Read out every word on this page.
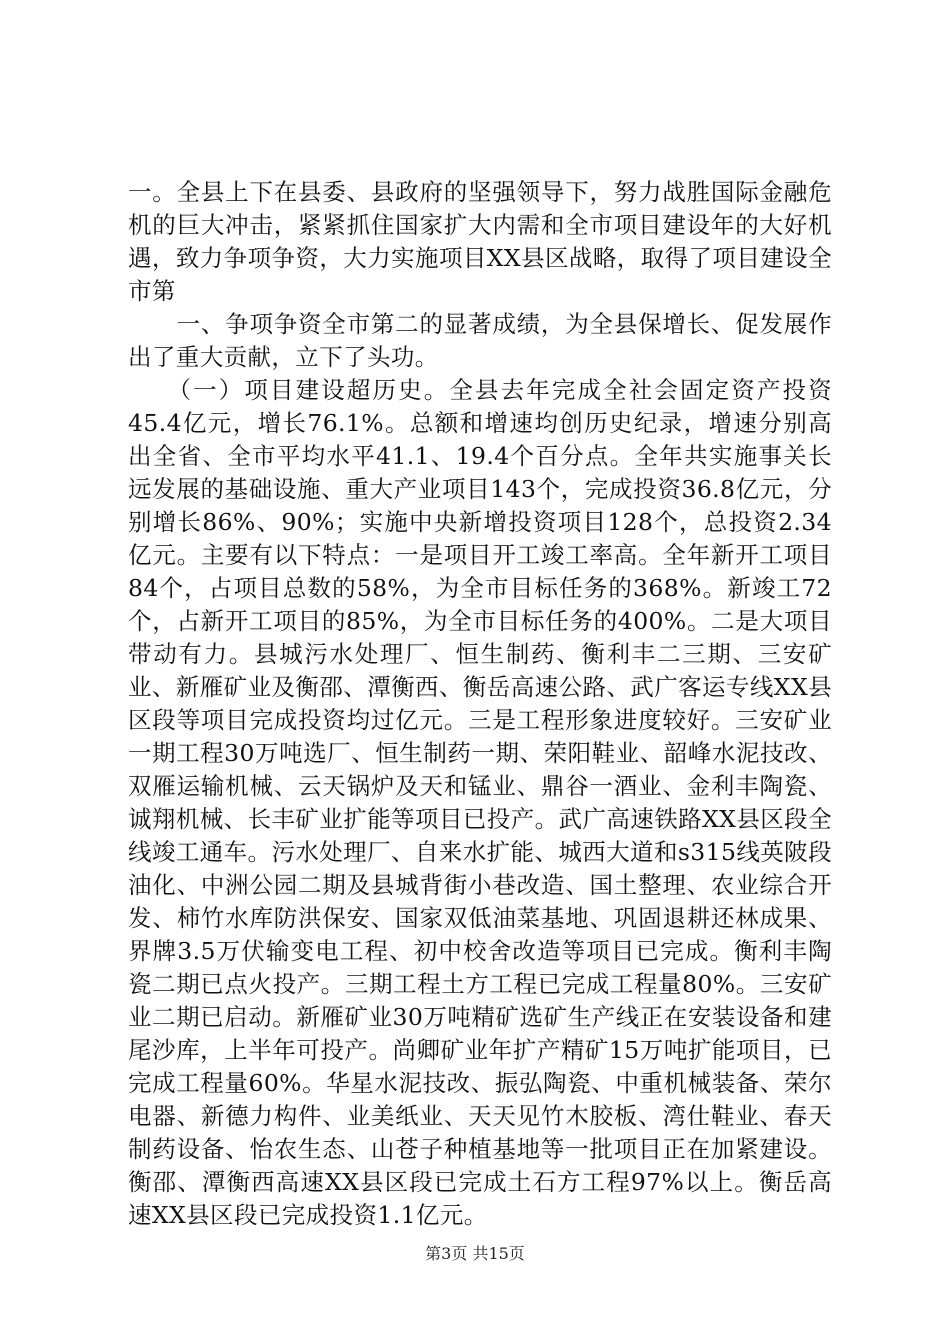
一。全县上下在县委、县政府的坚强领导下，努力战胜国际金融危机的巨大冲击，紧紧抓住国家扩大内需和全市项目建设年的大好机遇，致力争项争资，大力实施项目XX县区战略，取得了项目建设全市第

　　一、争项争资全市第二的显著成绩，为全县保增长、促发展作出了重大贡献，立下了头功。

　　（一）项目建设超历史。全县去年完成全社会固定资产投资45.4亿元，增长76.1%。总额和增速均创历史纪录，增速分别高出全省、全市平均水平41.1、19.4个百分点。全年共实施事关长远发展的基础设施、重大产业项目143个，完成投资36.8亿元，分别增长86%、90%；实施中央新增投资项目128个，总投资2.34亿元。主要有以下特点：一是项目开工竣工率高。全年新开工项目84个，占项目总数的58%，为全市目标任务的368%。新竣工72个，占新开工项目的85%，为全市目标任务的400%。二是大项目带动有力。县城污水处理厂、恒生制药、衡利丰二三期、三安矿业、新雁矿业及衡邵、潭衡西、衡岳高速公路、武广客运专线XX县区段等项目完成投资均过亿元。三是工程形象进度较好。三安矿业一期工程30万吨选厂、恒生制药一期、荣阳鞋业、韶峰水泥技改、双雁运输机械、云天锅炉及天和锰业、鼎谷一酒业、金利丰陶瓷、诚翔机械、长丰矿业扩能等项目已投产。武广高速铁路XX县区段全线竣工通车。污水处理厂、自来水扩能、城西大道和s315线英陂段油化、中洲公园二期及县城背街小巷改造、国土整理、农业综合开发、柿竹水库防洪保安、国家双低油菜基地、巩固退耕还林成果、界牌3.5万伏输变电工程、初中校舍改造等项目已完成。衡利丰陶瓷二期已点火投产。三期工程土方工程已完成工程量80%。三安矿业二期已启动。新雁矿业30万吨精矿选矿生产线正在安装设备和建尾沙库，上半年可投产。尚卿矿业年扩产精矿15万吨扩能项目，已完成工程量60%。华星水泥技改、振弘陶瓷、中重机械装备、荣尔电器、新德力构件、业美纸业、天天见竹木胶板、湾仕鞋业、春天制药设备、怡农生态、山苍子种植基地等一批项目正在加紧建设。衡邵、潭衡西高速XX县区段已完成土石方工程97%以上。衡岳高速XX县区段已完成投资1.1亿元。

第3页 共15页
